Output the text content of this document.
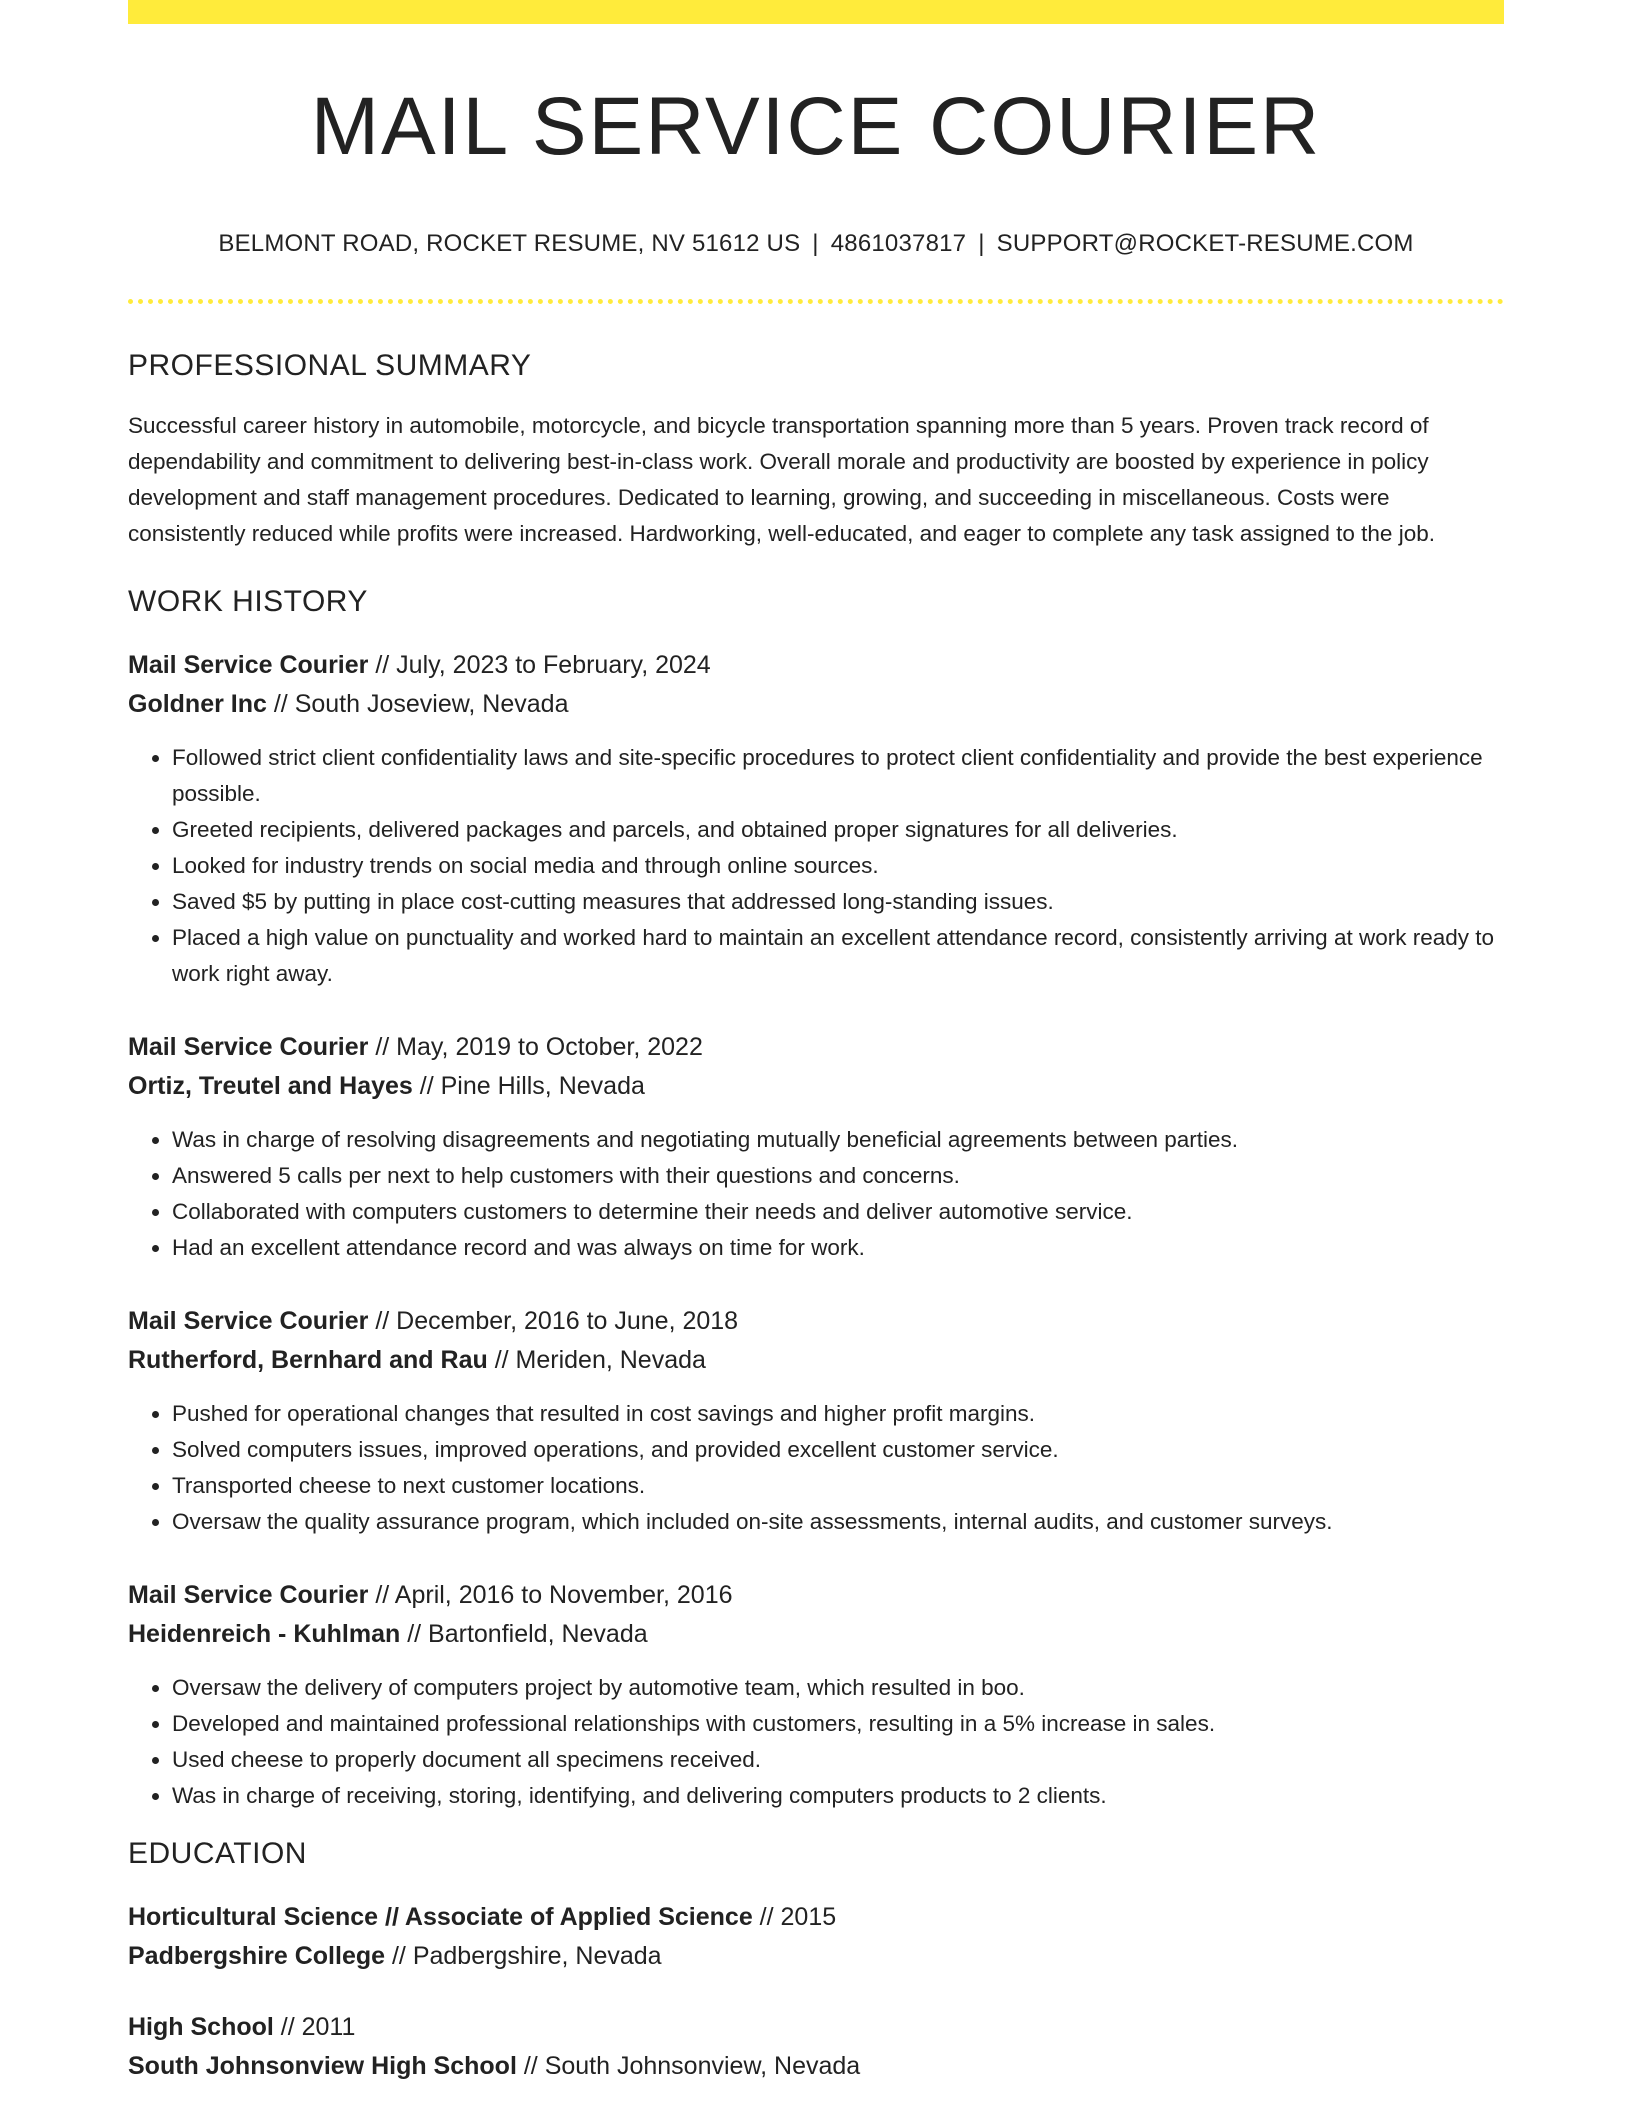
MAIL SERVICE COURIER
BELMONT ROAD, ROCKET RESUME, NV 51612 US | 4861037817 | SUPPORT@ROCKET-RESUME.COM
PROFESSIONAL SUMMARY
Successful career history in automobile, motorcycle, and bicycle transportation spanning more than 5 years. Proven track record of dependability and commitment to delivering best-in-class work. Overall morale and productivity are boosted by experience in policy development and staff management procedures. Dedicated to learning, growing, and succeeding in miscellaneous. Costs were consistently reduced while profits were increased. Hardworking, well-educated, and eager to complete any task assigned to the job.
WORK HISTORY
Mail Service Courier // July, 2023 to February, 2024
Goldner Inc // South Joseview, Nevada
• Followed strict client confidentiality laws and site-specific procedures to protect client confidentiality and provide the best experience possible.
• Greeted recipients, delivered packages and parcels, and obtained proper signatures for all deliveries.
• Looked for industry trends on social media and through online sources.
• Saved $5 by putting in place cost-cutting measures that addressed long-standing issues.
• Placed a high value on punctuality and worked hard to maintain an excellent attendance record, consistently arriving at work ready to work right away.
Mail Service Courier // May, 2019 to October, 2022
Ortiz, Treutel and Hayes // Pine Hills, Nevada
• Was in charge of resolving disagreements and negotiating mutually beneficial agreements between parties.
• Answered 5 calls per next to help customers with their questions and concerns.
• Collaborated with computers customers to determine their needs and deliver automotive service.
• Had an excellent attendance record and was always on time for work.
Mail Service Courier // December, 2016 to June, 2018
Rutherford, Bernhard and Rau // Meriden, Nevada
• Pushed for operational changes that resulted in cost savings and higher profit margins.
• Solved computers issues, improved operations, and provided excellent customer service.
• Transported cheese to next customer locations.
• Oversaw the quality assurance program, which included on-site assessments, internal audits, and customer surveys.
Mail Service Courier // April, 2016 to November, 2016
Heidenreich - Kuhlman // Bartonfield, Nevada
• Oversaw the delivery of computers project by automotive team, which resulted in boo.
• Developed and maintained professional relationships with customers, resulting in a 5% increase in sales.
• Used cheese to properly document all specimens received.
• Was in charge of receiving, storing, identifying, and delivering computers products to 2 clients.
EDUCATION
Horticultural Science // Associate of Applied Science // 2015
Padbergshire College // Padbergshire, Nevada
High School // 2011
South Johnsonview High School // South Johnsonview, Nevada
